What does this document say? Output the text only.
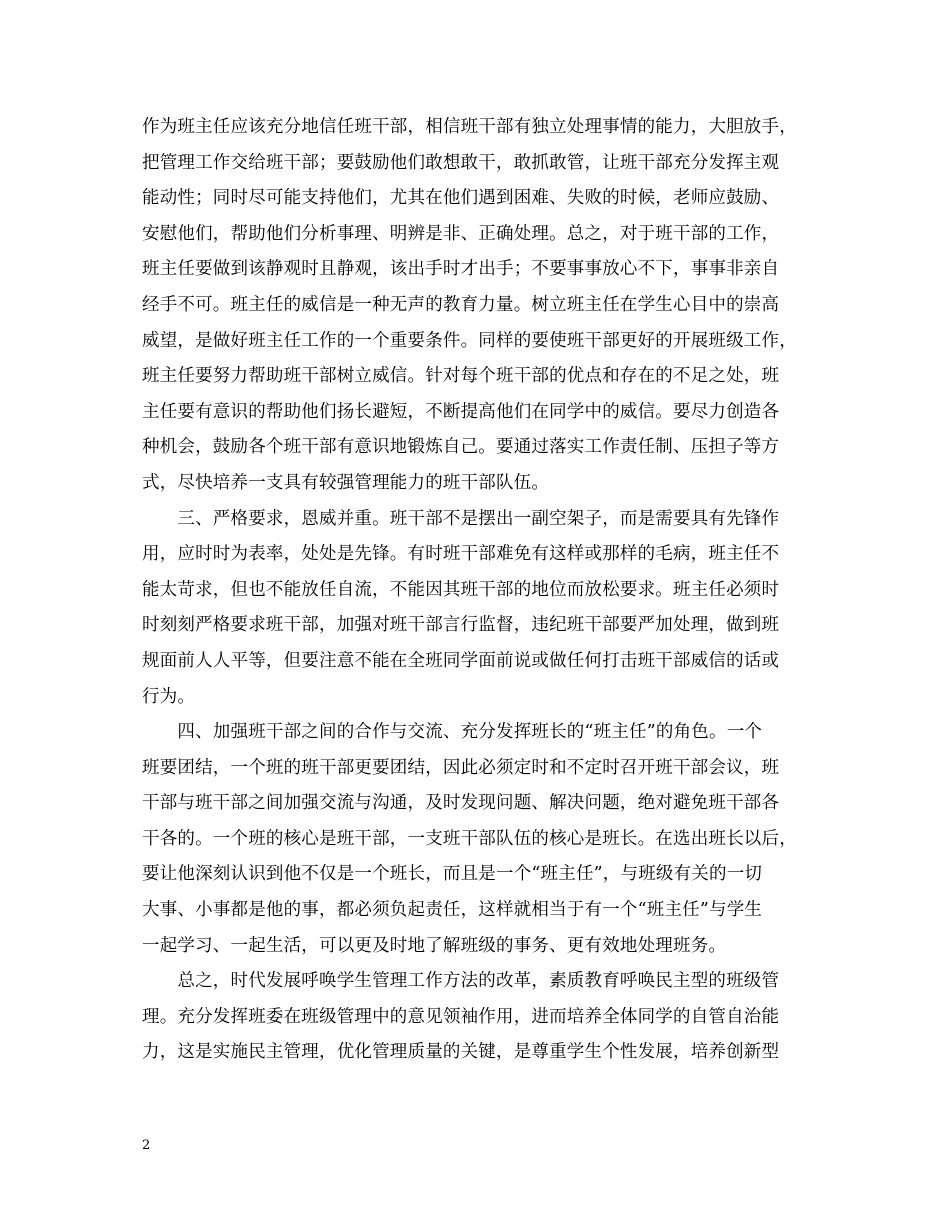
作为班主任应该充分地信任班干部，相信班干部有独立处理事情的能力，大胆放手，
把管理工作交给班干部；要鼓励他们敢想敢干，敢抓敢管，让班干部充分发挥主观
能动性；同时尽可能支持他们，尤其在他们遇到困难、失败的时候，老师应鼓励、
安慰他们，帮助他们分析事理、明辨是非、正确处理。总之，对于班干部的工作，
班主任要做到该静观时且静观，该出手时才出手；不要事事放心不下，事事非亲自
经手不可。班主任的威信是一种无声的教育力量。树立班主任在学生心目中的崇高
威望，是做好班主任工作的一个重要条件。同样的要使班干部更好的开展班级工作，
班主任要努力帮助班干部树立威信。针对每个班干部的优点和存在的不足之处，班
主任要有意识的帮助他们扬长避短，不断提高他们在同学中的威信。要尽力创造各
种机会，鼓励各个班干部有意识地锻炼自己。要通过落实工作责任制、压担子等方
式，尽快培养一支具有较强管理能力的班干部队伍。

　　三、严格要求，恩威并重。班干部不是摆出一副空架子，而是需要具有先锋作
用，应时时为表率，处处是先锋。有时班干部难免有这样或那样的毛病，班主任不
能太苛求，但也不能放任自流，不能因其班干部的地位而放松要求。班主任必须时
时刻刻严格要求班干部，加强对班干部言行监督，违纪班干部要严加处理，做到班
规面前人人平等，但要注意不能在全班同学面前说或做任何打击班干部威信的话或
行为。

　　四、加强班干部之间的合作与交流、充分发挥班长的“班主任”的角色。一个
班要团结，一个班的班干部更要团结，因此必须定时和不定时召开班干部会议，班
干部与班干部之间加强交流与沟通，及时发现问题、解决问题，绝对避免班干部各
干各的。一个班的核心是班干部，一支班干部队伍的核心是班长。在选出班长以后，
要让他深刻认识到他不仅是一个班长，而且是一个“班主任”，与班级有关的一切
大事、小事都是他的事，都必须负起责任，这样就相当于有一个“班主任”与学生
一起学习、一起生活，可以更及时地了解班级的事务、更有效地处理班务。

　　总之，时代发展呼唤学生管理工作方法的改革，素质教育呼唤民主型的班级管
理。充分发挥班委在班级管理中的意见领袖作用，进而培养全体同学的自管自治能
力，这是实施民主管理，优化管理质量的关键，是尊重学生个性发展，培养创新型

2
